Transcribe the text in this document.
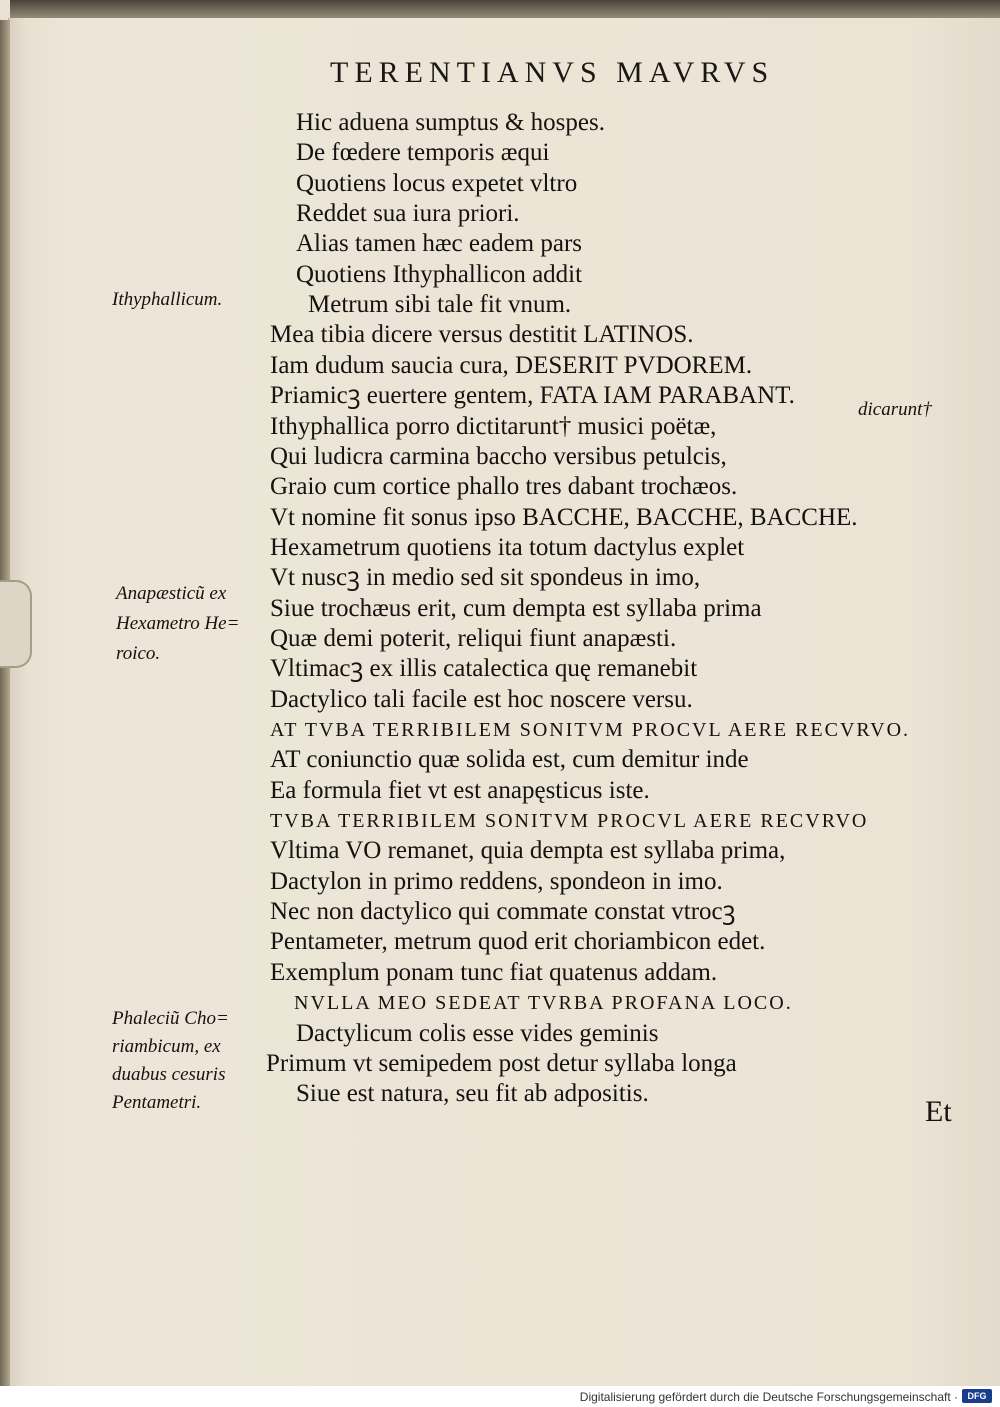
TERENTIANVS MAVRVS
Hic aduena sumptus & hospes.
De fœdere temporis æqui
Quotiens locus expetet vltro
Reddet sua iura priori.
Alias tamen hæc eadem pars
Quotiens Ithyphallicon addit
Metrum sibi tale fit vnum.
Mea tibia dicere versus destitit LATINOS.
Iam dudum saucia cura, DESERIT PVDOREM.
Priamicꝫ euertere gentem, FATA IAM PARABANT.
Ithyphallica porro dictitarunt† musici poëtæ,
Qui ludicra carmina baccho versibus petulcis,
Graio cum cortice phallo tres dabant trochæos.
Vt nomine fit sonus ipso BACCHE, BACCHE, BACCHE.
Hexametrum quotiens ita totum dactylus explet
Vt nuscꝫ in medio sed sit spondeus in imo,
Siue trochæus erit, cum dempta est syllaba prima
Quæ demi poterit, reliqui fiunt anapæsti.
Vltimacꝫ ex illis catalectica quę remanebit
Dactylico tali facile est hoc noscere versu.
AT TVBA TERRIBILEM SONITVM PROCVL AERE RECVRVO.
AT coniunctio quæ solida est, cum demitur inde
Ea formula fiet vt est anapęsticus iste.
TVBA TERRIBILEM SONITVM PROCVL AERE RECVRVO
Vltima VO remanet, quia dempta est syllaba prima,
Dactylon in primo reddens, spondeon in imo.
Nec non dactylico qui commate constat vtrocꝫ
Pentameter, metrum quod erit choriambicon edet.
Exemplum ponam tunc fiat quatenus addam.
NVLLA MEO SEDEAT TVRBA PROFANA LOCO.
Dactylicum colis esse vides geminis
Primum vt semipedem post detur syllaba longa
Siue est natura, seu fit ab adpositis.
Ithyphallicum.
dicarunt†
Anapæsticũ ex
Hexametro He=
roico.
Phaleciũ Cho=
riambicum, ex
duabus cesuris
Pentametri.	Et
Digitalisierung gefördert durch die Deutsche Forschungsgemeinschaft ·	DFG
